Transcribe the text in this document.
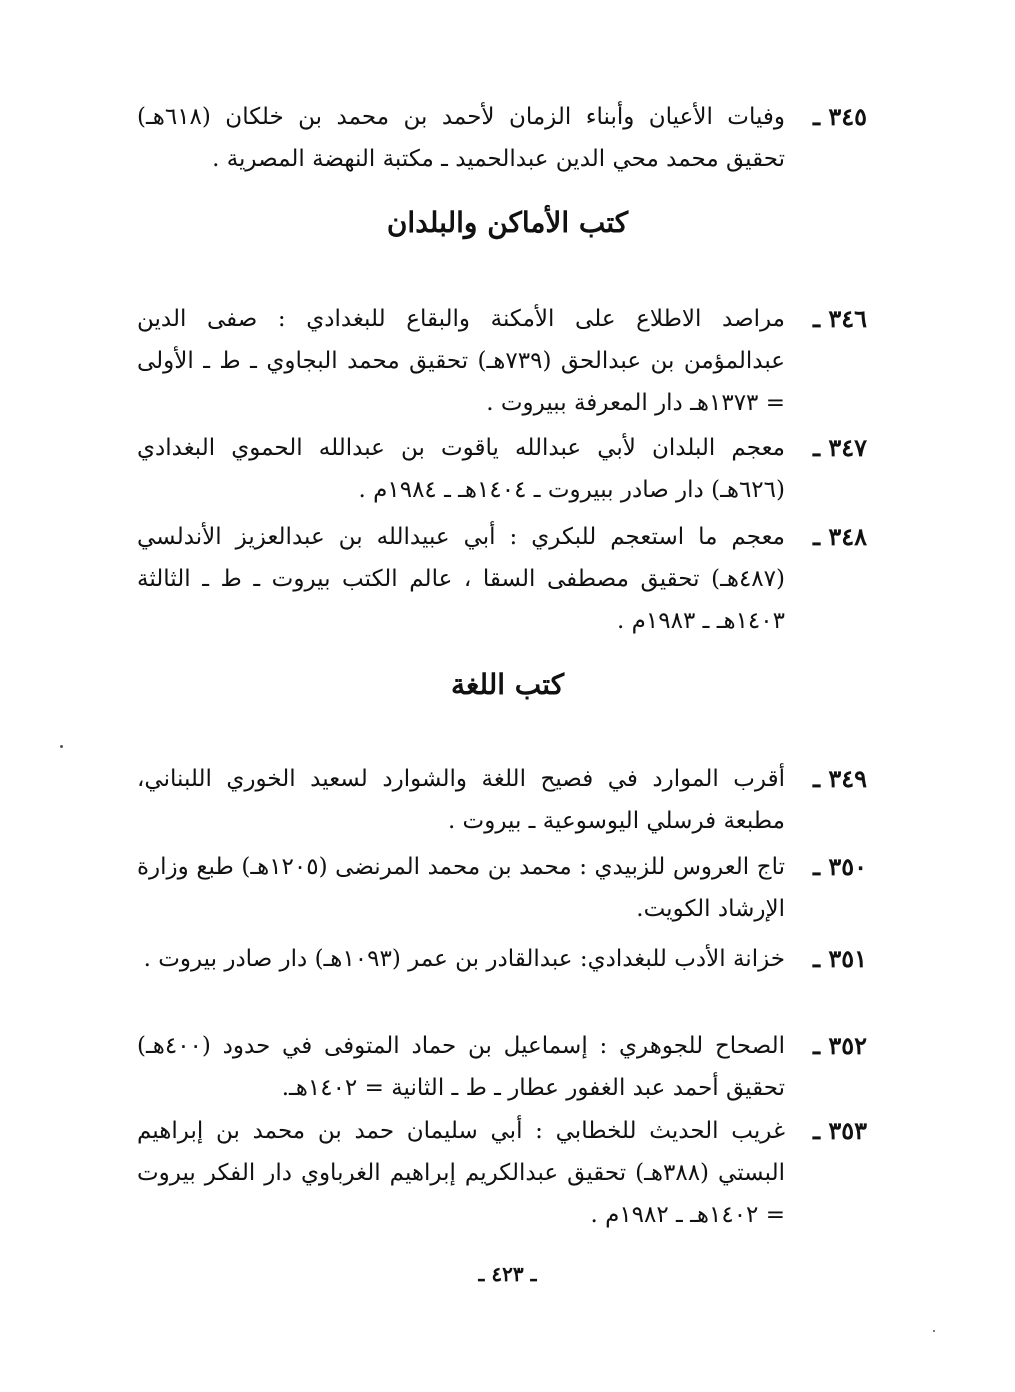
٣٤٥ ـ
وفيات الأعيان وأبناء الزمان لأحمد بن محمد بن خلكان (٦١٨هـ) تحقيق محمد محي الدين عبدالحميد ـ مكتبة النهضة المصرية .
كتب الأماكن والبلدان
٣٤٦ ـ
مراصد الاطلاع على الأمكنة والبقاع للبغدادي : صفى الدين عبدالمؤمن بن عبدالحق (٧٣٩هـ) تحقيق محمد البجاوي ـ ط ـ الأولى = ١٣٧٣هـ دار المعرفة ببيروت .
٣٤٧ ـ
معجم البلدان لأبي عبدالله ياقوت بن عبدالله الحموي البغدادي (٦٢٦هـ) دار صادر ببيروت ـ ١٤٠٤هـ ـ ١٩٨٤م .
٣٤٨ ـ
معجم ما استعجم للبكري : أبي عبيدالله بن عبدالعزيز الأندلسي (٤٨٧هـ) تحقيق مصطفى السقا ، عالم الكتب بيروت ـ ط ـ الثالثة ١٤٠٣هـ ـ ١٩٨٣م .
كتب اللغة
٣٤٩ ـ
أقرب الموارد في فصيح اللغة والشوارد لسعيد الخوري اللبناني، مطبعة فرسلي اليوسوعية ـ بيروت .
٣٥٠ ـ
تاج العروس للزبيدي : محمد بن محمد المرنضى (١٢٠٥هـ) طبع وزارة الإرشاد الكويت.
٣٥١ ـ
خزانة الأدب للبغدادي: عبدالقادر بن عمر (١٠٩٣هـ) دار صادر بيروت .
٣٥٢ ـ
الصحاح للجوهري : إسماعيل بن حماد المتوفى في حدود (٤٠٠هـ) تحقيق أحمد عبد الغفور عطار ـ ط ـ الثانية = ١٤٠٢هـ.
٣٥٣ ـ
غريب الحديث للخطابي : أبي سليمان حمد بن محمد بن إبراهيم البستي (٣٨٨هـ) تحقيق عبدالكريم إبراهيم الغرباوي دار الفكر بيروت = ١٤٠٢هـ ـ ١٩٨٢م .
ـ ٤٢٣ ـ
